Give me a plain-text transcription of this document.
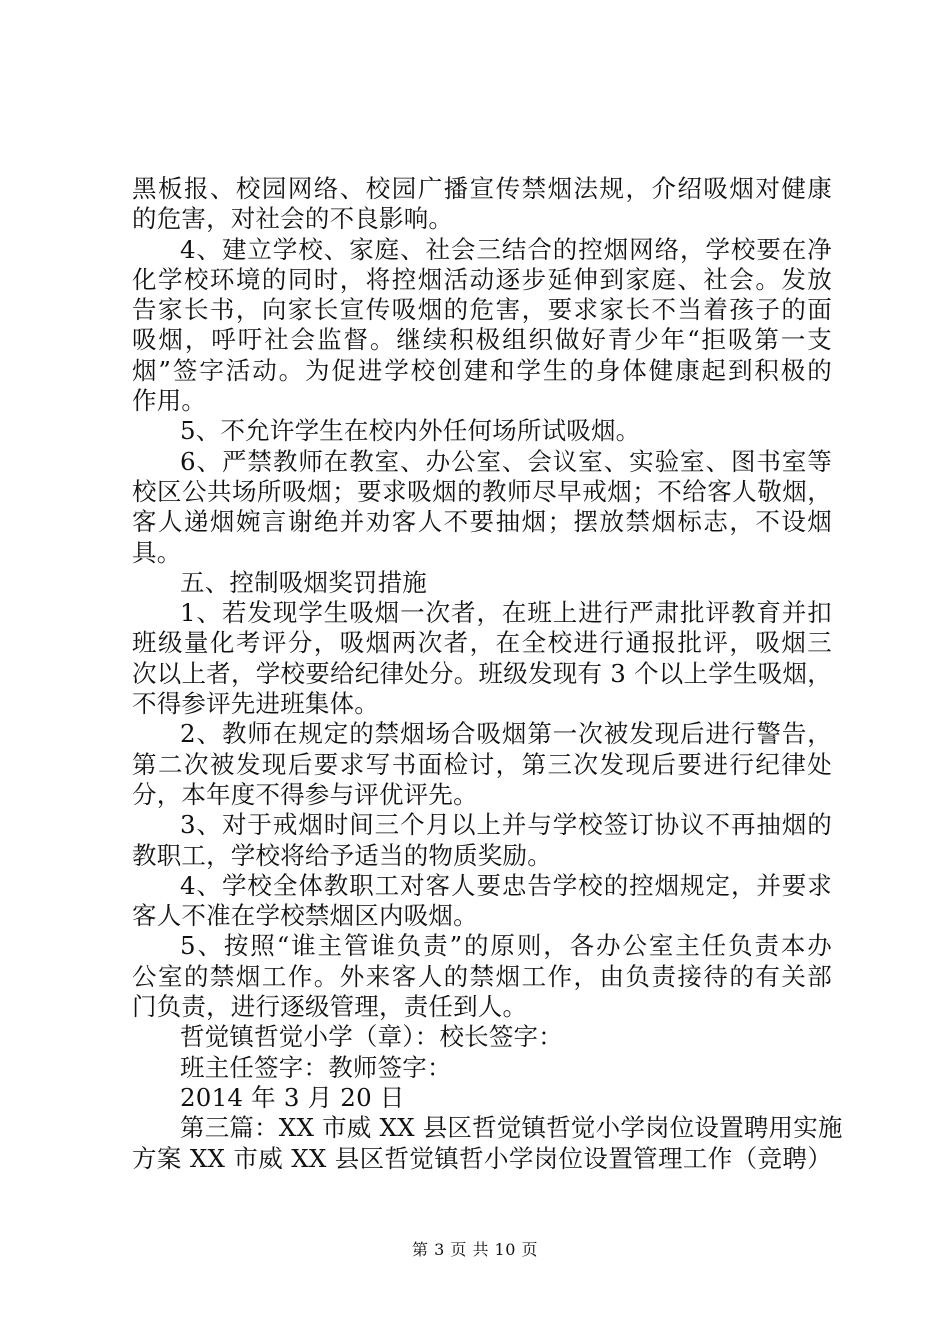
黑板报、校园网络、校园广播宣传禁烟法规，介绍吸烟对健康
的危害，对社会的不良影响。
4、建立学校、家庭、社会三结合的控烟网络，学校要在净
化学校环境的同时，将控烟活动逐步延伸到家庭、社会。发放
告家长书，向家长宣传吸烟的危害，要求家长不当着孩子的面
吸烟，呼吁社会监督。继续积极组织做好青少年“拒吸第一支
烟”签字活动。为促进学校创建和学生的身体健康起到积极的
作用。
5、不允许学生在校内外任何场所试吸烟。
6、严禁教师在教室、办公室、会议室、实验室、图书室等
校区公共场所吸烟；要求吸烟的教师尽早戒烟；不给客人敬烟，
客人递烟婉言谢绝并劝客人不要抽烟；摆放禁烟标志，不设烟
具。
五、控制吸烟奖罚措施
1、若发现学生吸烟一次者，在班上进行严肃批评教育并扣
班级量化考评分，吸烟两次者，在全校进行通报批评，吸烟三
次以上者，学校要给纪律处分。班级发现有 3 个以上学生吸烟，
不得参评先进班集体。
2、教师在规定的禁烟场合吸烟第一次被发现后进行警告，
第二次被发现后要求写书面检讨，第三次发现后要进行纪律处
分，本年度不得参与评优评先。
3、对于戒烟时间三个月以上并与学校签订协议不再抽烟的
教职工，学校将给予适当的物质奖励。
4、学校全体教职工对客人要忠告学校的控烟规定，并要求
客人不准在学校禁烟区内吸烟。
5、按照“谁主管谁负责”的原则，各办公室主任负责本办
公室的禁烟工作。外来客人的禁烟工作，由负责接待的有关部
门负责，进行逐级管理，责任到人。
哲觉镇哲觉小学（章）：校长签字：
班主任签字：教师签字：
2014 年 3 月 20 日
第三篇：XX 市威 XX 县区哲觉镇哲觉小学岗位设置聘用实施
方案 XX 市威 XX 县区哲觉镇哲小学岗位设置管理工作（竞聘）
第 3 页 共 10 页
